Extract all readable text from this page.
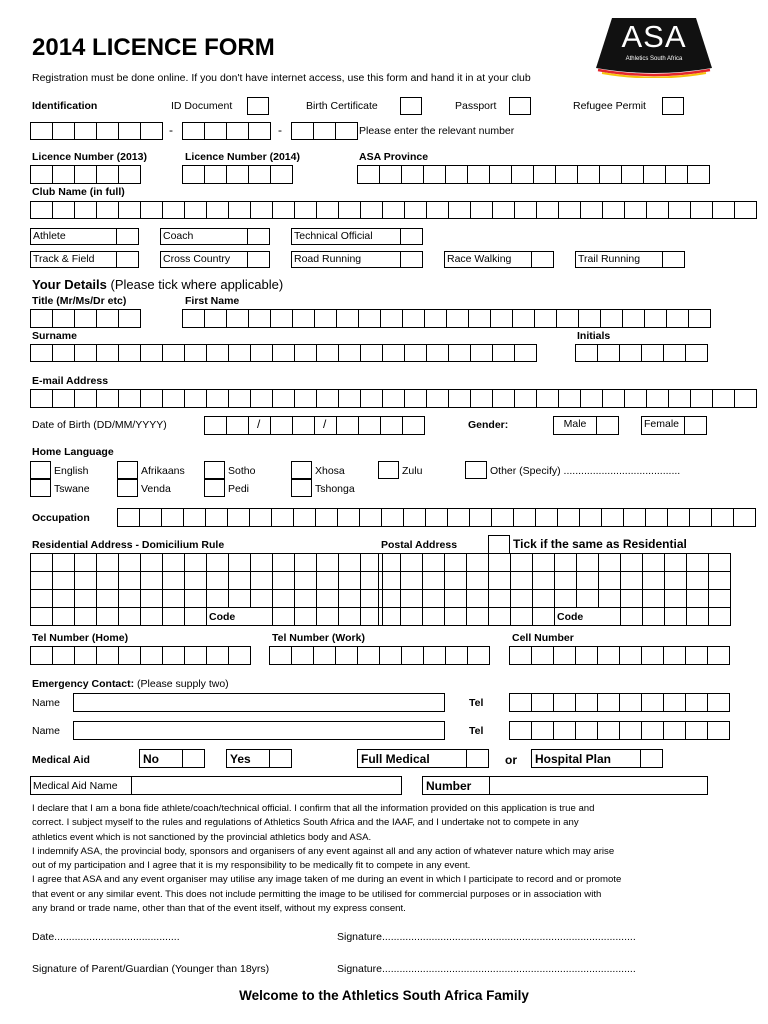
2014 LICENCE FORM
Registration must be done online. If you don't have internet access, use this form and hand it in at your club
ASA
Athletics South Africa
Identification	ID Document	Birth Certificate	Passport	Refugee Permit
-	-	Please enter the relevant number
Licence Number (2013)	Licence Number (2014)	ASA Province
Club Name (in full)
Athlete	Coach	Technical Official
Track & Field	Cross Country	Road Running	Race Walking	Trail Running
Your Details (Please tick where applicable)
Title (Mr/Ms/Dr etc)	First Name
Surname	Initials
E-mail Address
Date of Birth (DD/MM/YYYY)	/	/	Gender:	Male	Female
Home Language
English	Afrikaans	Sotho	Xhosa	Zulu	Other (Specify) ........................................
Tswane	Venda	Pedi	Tshonga
Occupation
Residential Address - Domicilium Rule	Postal Address	Tick if the same as Residential
Code	Code
Tel Number (Home)	Tel Number (Work)	Cell Number
Emergency Contact: (Please supply two)
Name	Tel
Name	Tel
Medical Aid	No	Yes	Full Medical	or Hospital Plan
Medical Aid Name	Number

I declare that I am a bona fide athlete/coach/technical official. I confirm that all the information provided on this application is true and

correct. I subject myself to the rules and regulations of Athletics South Africa and the IAAF, and I undertake not to compete in any

athletics event which is not sanctioned by the provincial athletics body and ASA.

I indemnify ASA, the provincial body, sponsors and organisers of any event against all and any action of whatever nature which may arise

out of my participation and I agree that it is my responsibility to be medically fit to compete in any event.

I agree that ASA and any event organiser may utilise any image taken of me during an event in which I participate to record and or promote

that event or any similar event. This does not include permitting the image to be utilised for commercial purposes or in association with

any brand or trade name, other than that of the event itself, without my express consent.

Date...........................................	Signature.......................................................................................
Signature of Parent/Guardian (Younger than 18yrs)	Signature.......................................................................................
Welcome to the Athletics South Africa Family
